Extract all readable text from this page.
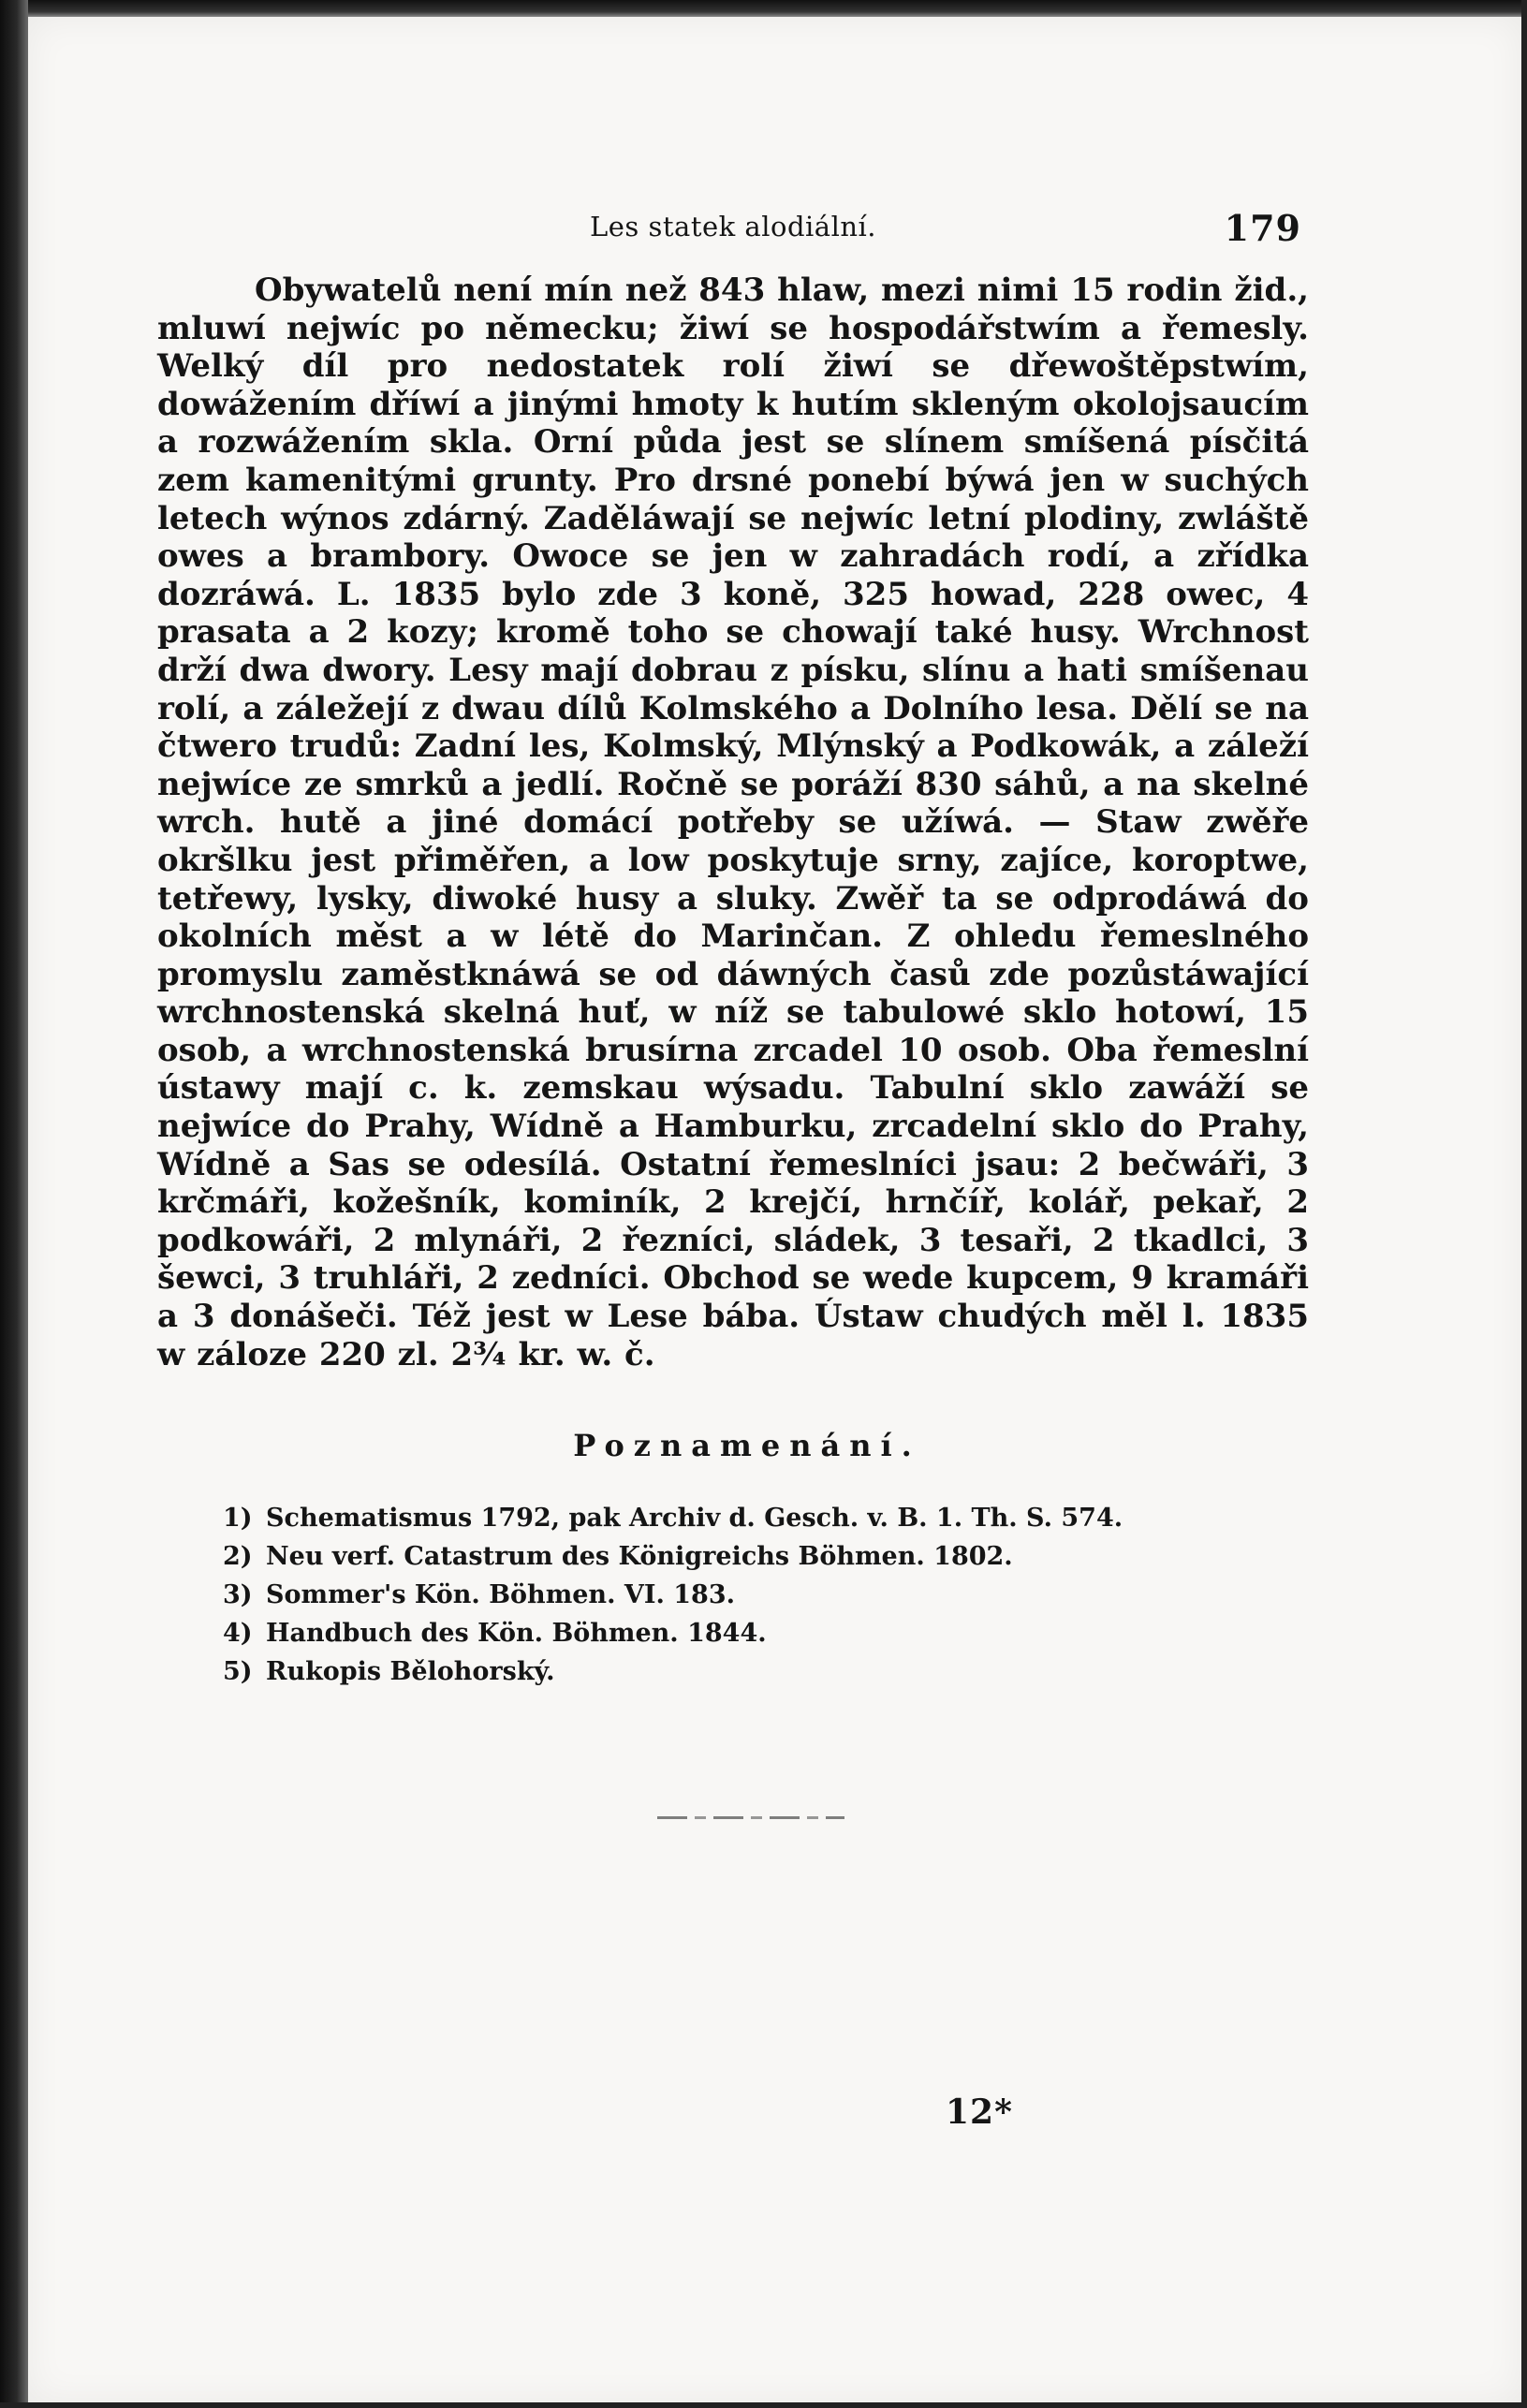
Les statek alodiální.	179

Obywatelů není mín než 843 hlaw, mezi nimi 15 rodin žid., mluwí nejwíc po německu; žiwí se hospodářstwím a řemesly. Welký díl pro nedostatek rolí žiwí se dřewoštěpstwím, dowážením dříwí a jinými hmoty k hutím skleným okolojsaucím a rozwážením skla. Orní půda jest se slínem smíšená písčitá zem kamenitými grunty. Pro drsné ponebí býwá jen w suchých letech wýnos zdárný. Zaděláwají se nejwíc letní plodiny, zwláště owes a brambory. Owoce se jen w zahradách rodí, a zřídka dozráwá. L. 1835 bylo zde 3 koně, 325 howad, 228 owec, 4 prasata a 2 kozy; kromě toho se chowají také husy. Wrchnost drží dwa dwory. Lesy mají dobrau z písku, slínu a hati smíšenau rolí, a záležejí z dwau dílů Kolmského a Dolního lesa. Dělí se na čtwero trudů: Zadní les, Kolmský, Mlýnský a Podkowák, a záleží nejwíce ze smrků a jedlí. Ročně se poráží 830 sáhů, a na skelné wrch. hutě a jiné domácí potřeby se užíwá. — Staw zwěře okršlku jest přiměřen, a low poskytuje srny, zajíce, koroptwe, tetřewy, lysky, diwoké husy a sluky. Zwěř ta se odprodáwá do okolních měst a w létě do Marinčan. Z ohledu řemeslného promyslu zaměstknáwá se od dáwných časů zde pozůstáwající wrchnostenská skelná huť, w níž se tabulowé sklo hotowí, 15 osob, a wrchnostenská brusírna zrcadel 10 osob. Oba řemeslní ústawy mají c. k. zemskau wýsadu. Tabulní sklo zawáží se nejwíce do Prahy, Wídně a Hamburku, zrcadelní sklo do Prahy, Wídně a Sas se odesílá. Ostatní řemeslníci jsau: 2 bečwáři, 3 krčmáři, kožešník, kominík, 2 krejčí, hrnčíř, kolář, pekař, 2 podkowáři, 2 mlynáři, 2 řezníci, sládek, 3 tesaři, 2 tkadlci, 3 šewci, 3 truhláři, 2 zedníci. Obchod se wede kupcem, 9 kramáři a 3 donášeči. Též jest w Lese bába. Ústaw chudých měl l. 1835 w záloze 220 zl. 2¾ kr. w. č.

Poznamenání.
1) Schematismus 1792, pak Archiv d. Gesch. v. B. 1. Th. S. 574.
2) Neu verf. Catastrum des Königreichs Böhmen. 1802.
3) Sommer's Kön. Böhmen. VI. 183.
4) Handbuch des Kön. Böhmen. 1844.
5) Rukopis Bělohorský.
12*
